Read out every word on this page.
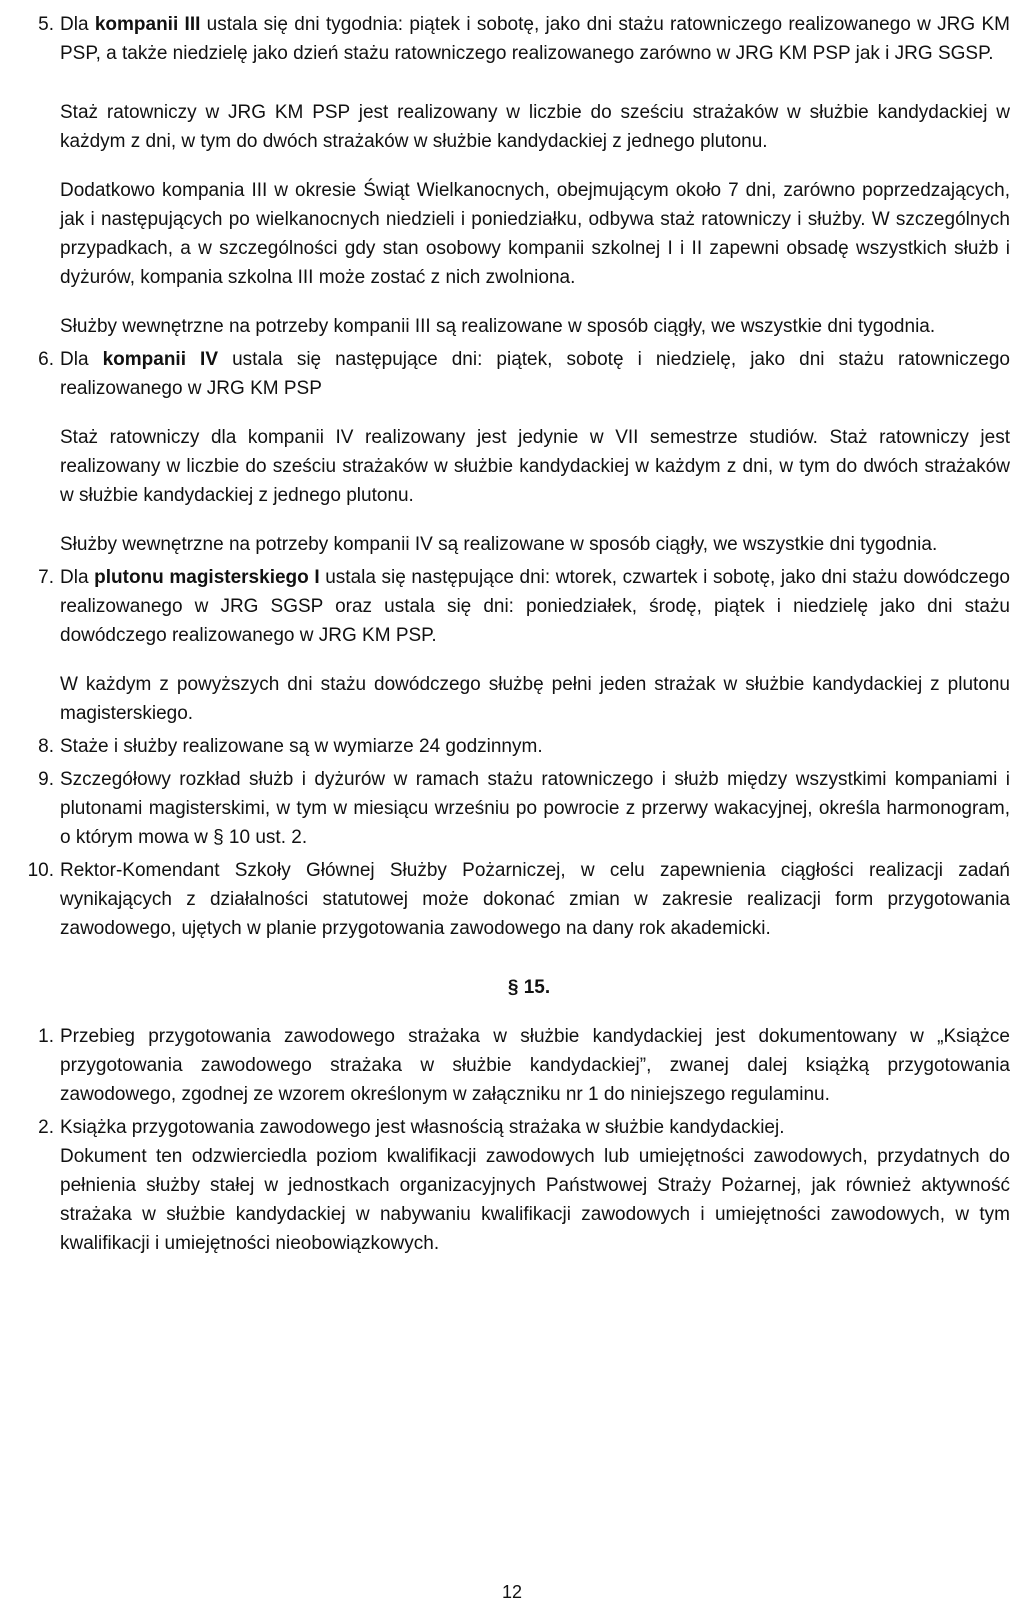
5. Dla kompanii III ustala się dni tygodnia: piątek i sobotę, jako dni stażu ratowniczego realizowanego w JRG KM PSP, a także niedzielę jako dzień stażu ratowniczego realizowanego zarówno w JRG KM PSP jak i JRG SGSP.

Staż ratowniczy w JRG KM PSP jest realizowany w liczbie do sześciu strażaków w służbie kandydackiej w każdym z dni, w tym do dwóch strażaków w służbie kandydackiej z jednego plutonu.

Dodatkowo kompania III w okresie Świąt Wielkanocnych, obejmującym około 7 dni, zarówno poprzedzających, jak i następujących po wielkanocnych niedzieli i poniedziałku, odbywa staż ratowniczy i służby. W szczególnych przypadkach, a w szczególności gdy stan osobowy kompanii szkolnej I i II zapewni obsadę wszystkich służb i dyżurów, kompania szkolna III może zostać z nich zwolniona.

Służby wewnętrzne na potrzeby kompanii III są realizowane w sposób ciągły, we wszystkie dni tygodnia.

6. Dla kompanii IV ustala się następujące dni: piątek, sobotę i niedzielę, jako dni stażu ratowniczego realizowanego w JRG KM PSP

Staż ratowniczy dla kompanii IV realizowany jest jedynie w VII semestrze studiów. Staż ratowniczy jest realizowany w liczbie do sześciu strażaków w służbie kandydackiej w każdym z dni, w tym do dwóch strażaków w służbie kandydackiej z jednego plutonu.

Służby wewnętrzne na potrzeby kompanii IV są realizowane w sposób ciągły, we wszystkie dni tygodnia.

7. Dla plutonu magisterskiego I ustala się następujące dni: wtorek, czwartek i sobotę, jako dni stażu dowódczego realizowanego w JRG SGSP oraz ustala się dni: poniedziałek, środę, piątek i niedzielę jako dni stażu dowódczego realizowanego w JRG KM PSP.

W każdym z powyższych dni stażu dowódczego służbę pełni jeden strażak w służbie kandydackiej z plutonu magisterskiego.

8. Staże i służby realizowane są w wymiarze 24 godzinnym.

9. Szczegółowy rozkład służb i dyżurów w ramach stażu ratowniczego i służb między wszystkimi kompaniami i plutonami magisterskimi, w tym w miesiącu wrześniu po powrocie z przerwy wakacyjnej, określa harmonogram, o którym mowa w § 10 ust. 2.

10. Rektor-Komendant Szkoły Głównej Służby Pożarniczej, w celu zapewnienia ciągłości realizacji zadań wynikających z działalności statutowej może dokonać zmian w zakresie realizacji form przygotowania zawodowego, ujętych w planie przygotowania zawodowego na dany rok akademicki.

§ 15.
1. Przebieg przygotowania zawodowego strażaka w służbie kandydackiej jest dokumentowany w „Książce przygotowania zawodowego strażaka w służbie kandydackiej”, zwanej dalej książką przygotowania zawodowego, zgodnej ze wzorem określonym w załączniku nr 1 do niniejszego regulaminu.

2. Książka przygotowania zawodowego jest własnością strażaka w służbie kandydackiej.

Dokument ten odzwierciedla poziom kwalifikacji zawodowych lub umiejętności zawodowych, przydatnych do pełnienia służby stałej w jednostkach organizacyjnych Państwowej Straży Pożarnej, jak również aktywność strażaka w służbie kandydackiej w nabywaniu kwalifikacji zawodowych i umiejętności zawodowych, w tym kwalifikacji i umiejętności nieobowiązkowych.

12
